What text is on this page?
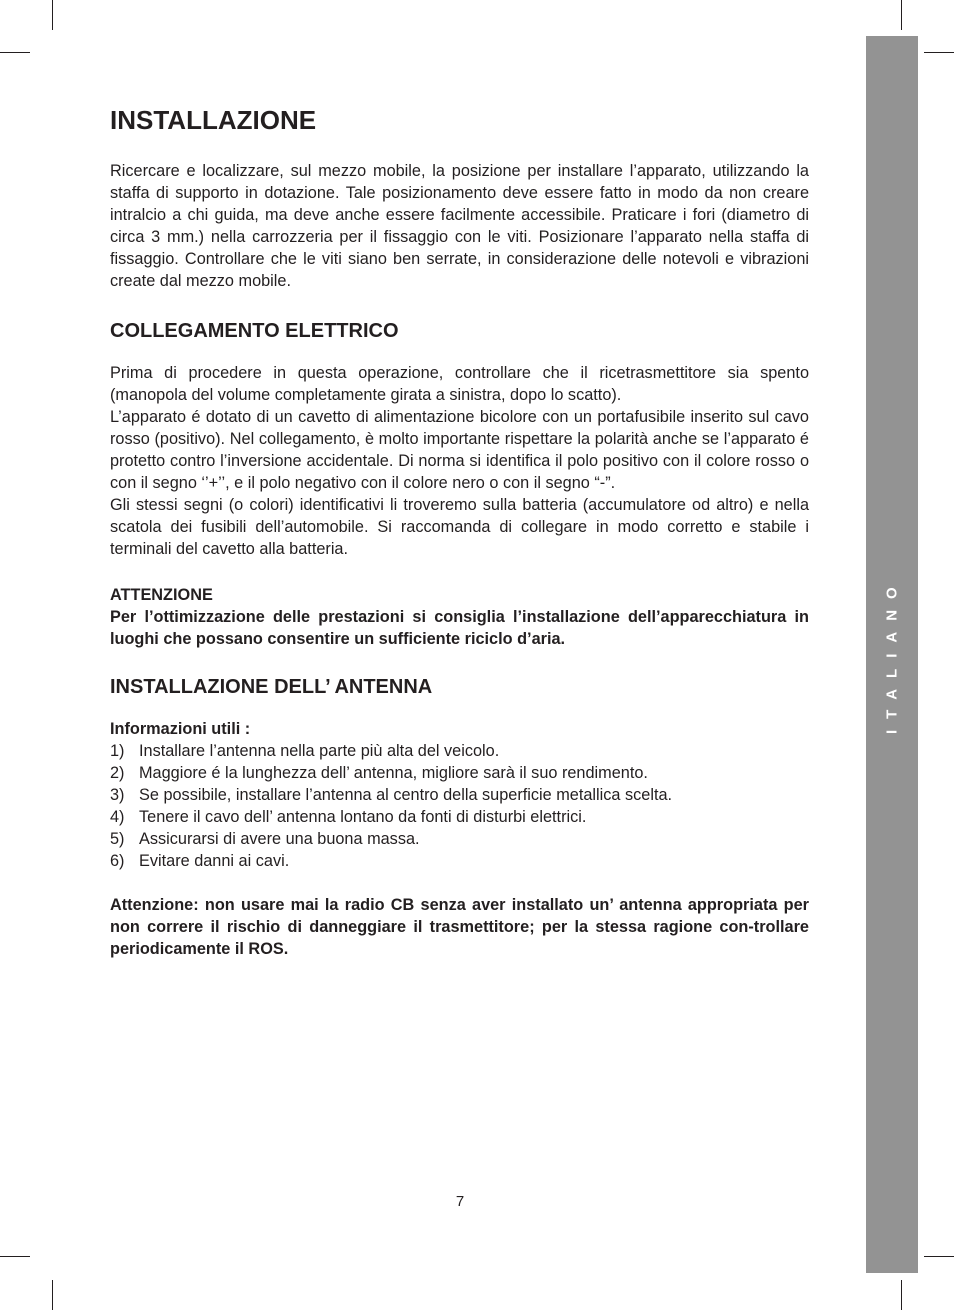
ITALIANO
INSTALLAZIONE

Ricercare e localizzare, sul mezzo mobile, la posizione per installare l’apparato, utilizzando la staffa di supporto in dotazione. Tale posizionamento deve essere fatto in modo da non creare intralcio a chi guida, ma deve anche essere facilmente accessibile. Praticare i fori (diametro di circa 3 mm.) nella carrozzeria per il fissaggio con le viti. Posizionare l’apparato nella staffa di fissaggio. Controllare che le viti siano ben serrate, in considerazione delle notevoli e vibrazioni create dal mezzo mobile.

COLLEGAMENTO ELETTRICO

Prima di procedere in questa operazione, controllare che il ricetrasmettitore sia spento (manopola del volume completamente girata a sinistra, dopo lo scatto).

L’apparato é dotato di un cavetto di alimentazione bicolore con un portafusibile inserito sul cavo rosso (positivo). Nel collegamento, è molto importante rispettare la polarità anche se l’apparato é protetto contro l’inversione accidentale. Di norma si identifica il polo positivo con il colore rosso o con il segno ‘’+’’, e il polo negativo con il colore nero o con il segno “-”.

Gli stessi segni (o colori) identificativi li troveremo sulla batteria (accumulatore od altro) e nella scatola dei fusibili dell’automobile. Si raccomanda di collegare in modo corretto e stabile i terminali del cavetto alla batteria.

ATTENZIONE

Per l’ottimizzazione delle prestazioni si consiglia l’installazione dell’apparecchiatura in luoghi che possano consentire un sufficiente riciclo d’aria.

INSTALLAZIONE DELL’ ANTENNA

Informazioni utili :

1) Installare l’antenna nella parte più alta del veicolo.
2) Maggiore é la lunghezza dell’ antenna, migliore sarà il suo rendimento.
3) Se possibile, installare l’antenna al centro della superficie metallica scelta.
4) Tenere il cavo dell’ antenna lontano da fonti di disturbi elettrici.
5) Assicurarsi di avere una buona massa.
6) Evitare danni ai cavi.

Attenzione: non usare mai la radio CB senza aver installato un’ antenna appropriata per non correre il rischio di danneggiare il trasmettitore; per la stessa ragione con-trollare periodicamente il ROS.

7
